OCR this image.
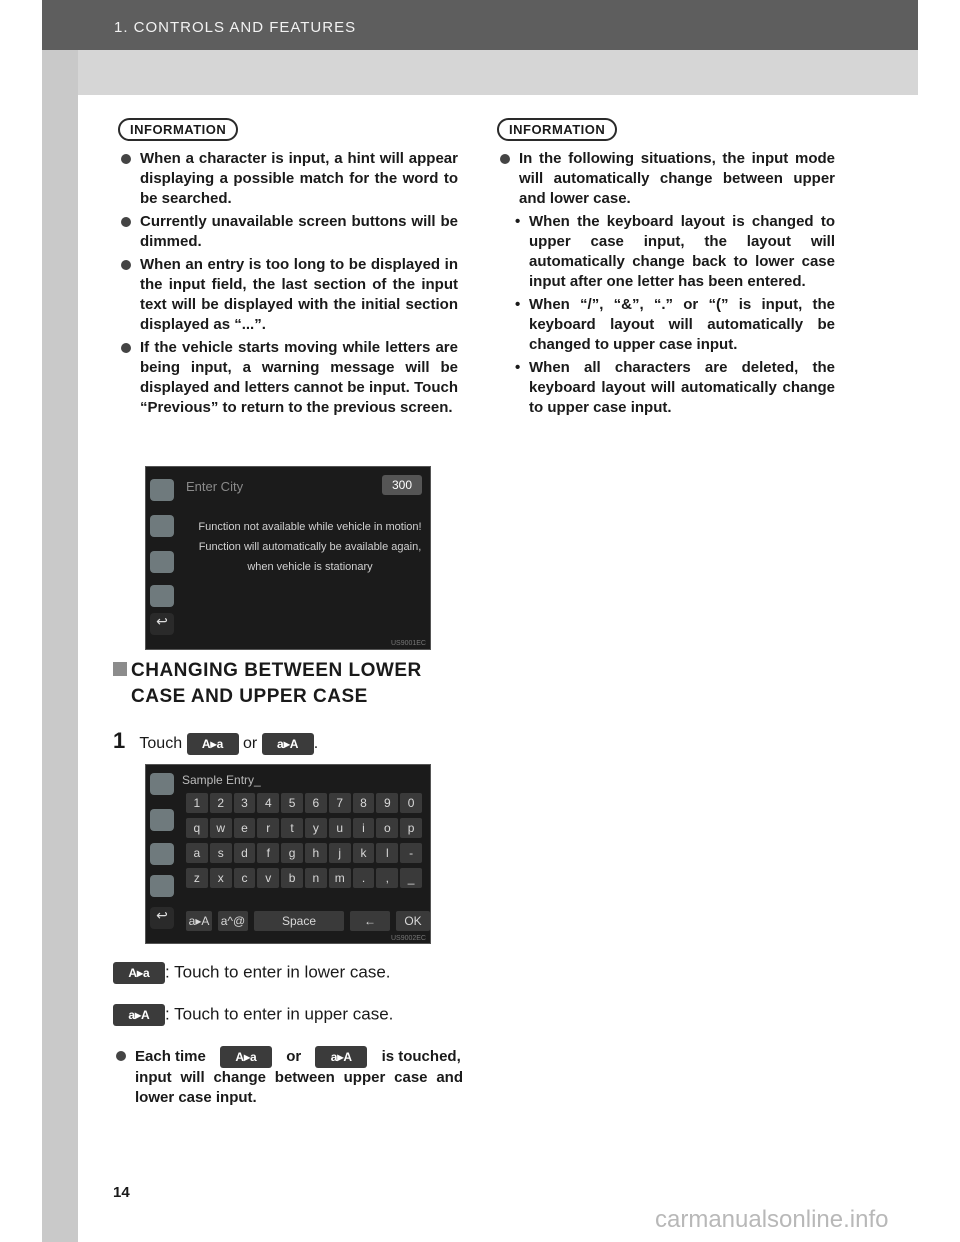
1. CONTROLS AND FEATURES
INFORMATION

When a character is input, a hint will appear displaying a possible match for the word to be searched.

Currently unavailable screen buttons will be dimmed.

When an entry is too long to be displayed in the input field, the last section of the input text will be displayed with the initial section displayed as “...”.

If the vehicle starts moving while letters are being input, a warning message will be displayed and letters cannot be input. Touch “Previous” to return to the previous screen.

↩
Enter City	300
Function not available while vehicle in motion! Function will automatically be available again, when vehicle is stationary
US9001EC
CHANGING BETWEEN LOWER
CASE AND UPPER CASE
1 Touch A▸a or a▸A .
↩
Sample Entry_
1	2	3	4	5	6	7	8	9	0
q	w	e	r	t	y	u	i	o	p
a	s	d	f	g	h	j	k	l	-
z	x	c	v	b	n	m	.	,	_
a▸A a^@	Space	←	OK
US9002EC
A▸a : Touch to enter in lower case.
a▸A : Touch to enter in upper case.

Each time A▸a or a▸A is touched,
input will change between upper case and lower case input.

INFORMATION

In the following situations, the input mode will automatically change between upper and lower case.

• When the keyboard layout is changed to upper case input, the layout will automatically change back to lower case input after one letter has been entered.

• When “/”, “&”, “.” or “(” is input, the keyboard layout will automatically be changed to upper case input.

• When all characters are deleted, the keyboard layout will automatically change to upper case input.

14
carmanualsonline.info
